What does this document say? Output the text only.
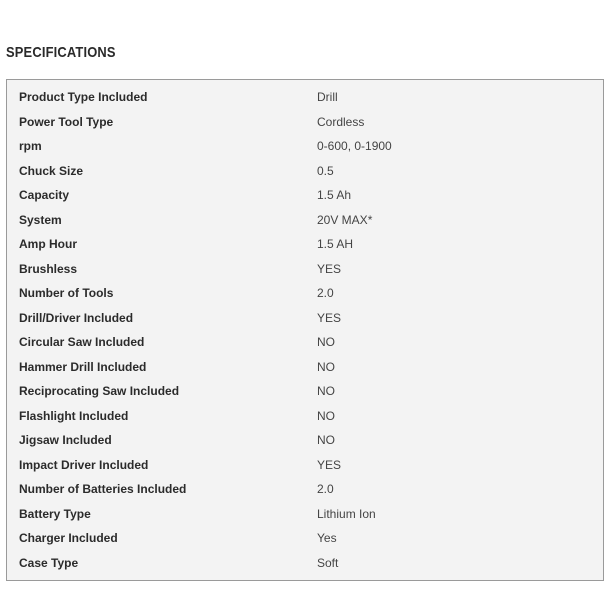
SPECIFICATIONS
Product Type Included	Drill
Power Tool Type	Cordless
rpm	0-600, 0-1900
Chuck Size	0.5
Capacity	1.5 Ah
System	20V MAX*
Amp Hour	1.5 AH
Brushless	YES
Number of Tools	2.0
Drill/Driver Included	YES
Circular Saw Included	NO
Hammer Drill Included	NO
Reciprocating Saw Included	NO
Flashlight Included	NO
Jigsaw Included	NO
Impact Driver Included	YES
Number of Batteries Included	2.0
Battery Type	Lithium Ion
Charger Included	Yes
Case Type	Soft
